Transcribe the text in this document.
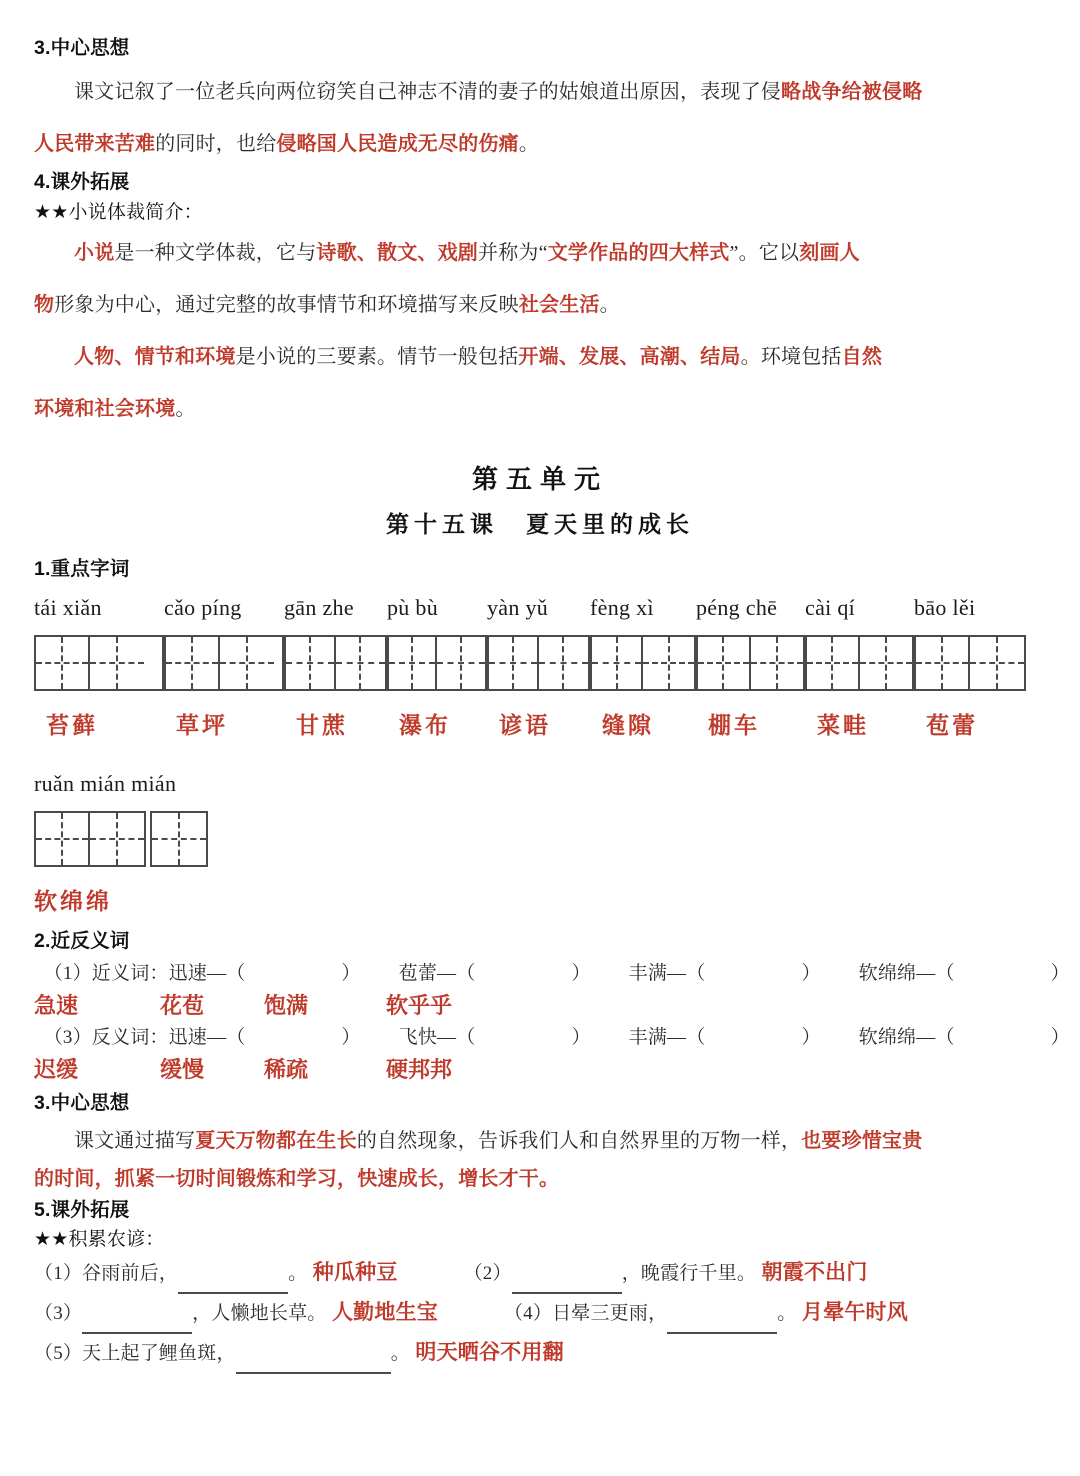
3.中心思想

课文记叙了一位老兵向两位窃笑自己神志不清的妻子的姑娘道出原因，表现了侵略战争给被侵略

人民带来苦难的同时，也给侵略国人民造成无尽的伤痛。

4.课外拓展
★★小说体裁简介：

小说是一种文学体裁，它与诗歌、散文、戏剧并称为“文学作品的四大样式”。它以刻画人

物形象为中心，通过完整的故事情节和环境描写来反映社会生活。

人物、情节和环境是小说的三要素。情节一般包括开端、发展、高潮、结局。环境包括自然

环境和社会环境。

第五单元
第十五课　夏天里的成长
1.重点字词
tái xiǎn	cǎo píng	gān zhe	pù bù	yàn yǔ	fèng xì	péng chē	cài qí	bāo lěi
苔藓	草坪	甘蔗	瀑布	谚语	缝隙	棚车	菜畦	苞蕾
ruǎn mián mián
软绵绵
2.近反义词
　（1）近义词：迅速—（	） 苞蕾—（	） 丰满—（	） 软绵绵—（	）
急速	花苞	饱满	软乎乎
　（3）反义词：迅速—（	） 飞快—（	） 丰满—（	） 软绵绵—（	）
迟缓	缓慢	稀疏	硬邦邦
3.中心思想

课文通过描写夏天万物都在生长的自然现象，告诉我们人和自然界里的万物一样，也要珍惜宝贵

的时间，抓紧一切时间锻炼和学习，快速成长，增长才干。

5.课外拓展
★★积累农谚：
（1）谷雨前后，	。 种瓜种豆	（2）	，晚霞行千里。 朝霞不出门
（3）	，人懒地长草。 人勤地生宝	（4）日晕三更雨，	。 月晕午时风
（5）天上起了鲤鱼斑，	。 明天晒谷不用翻
